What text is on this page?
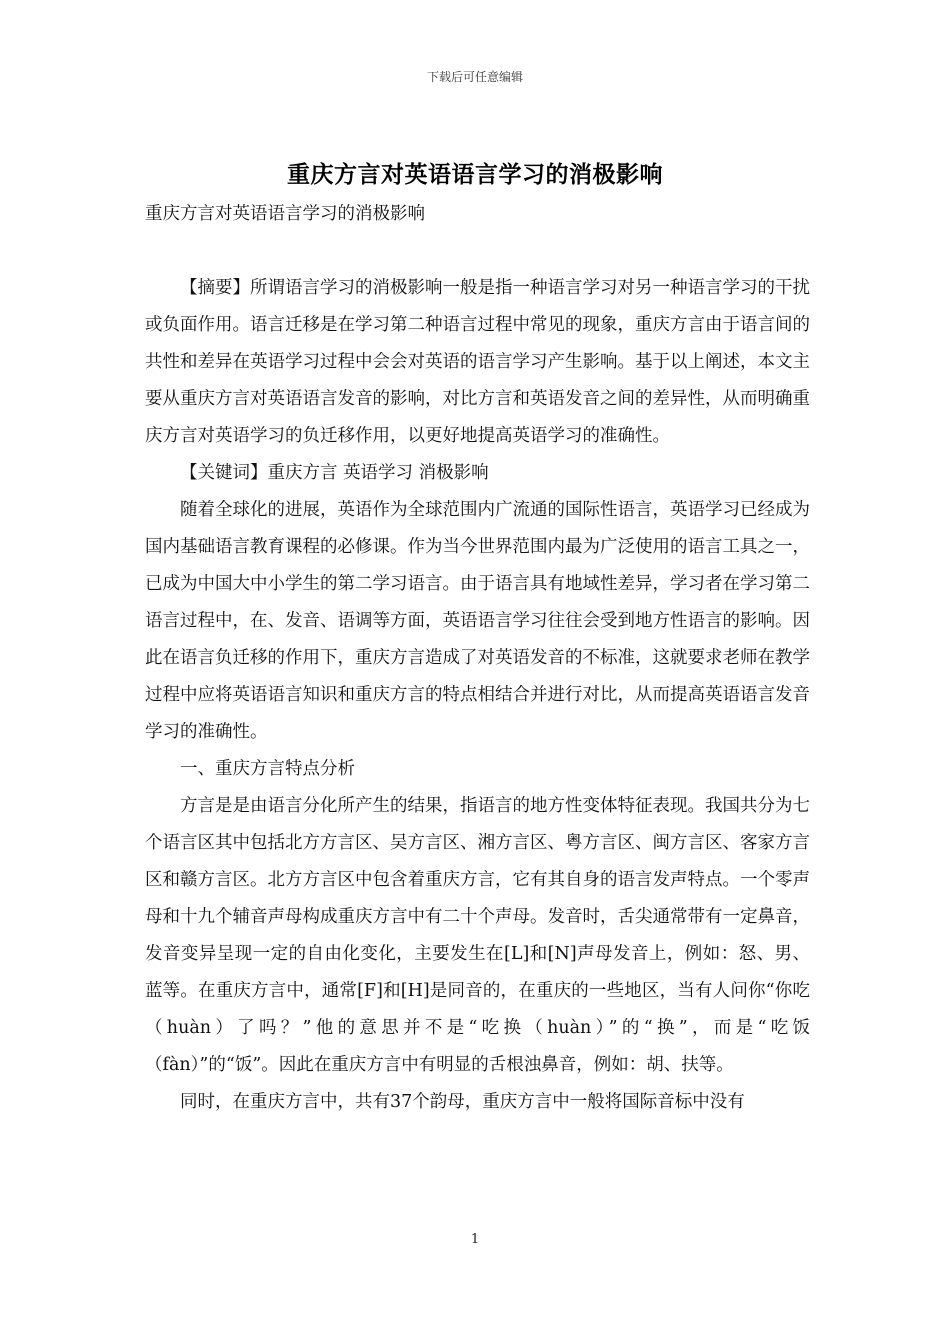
下载后可任意编辑
重庆方言对英语语言学习的消极影响

重庆方言对英语语言学习的消极影响

【摘要】所谓语言学习的消极影响一般是指一种语言学习对另一种语言学习的干扰或负面作用。语言迁移是在学习第二种语言过程中常见的现象，重庆方言由于语言间的共性和差异在英语学习过程中会会对英语的语言学习产生影响。基于以上阐述，本文主要从重庆方言对英语语言发音的影响，对比方言和英语发音之间的差异性，从而明确重庆方言对英语学习的负迁移作用，以更好地提高英语学习的准确性。

【关键词】重庆方言 英语学习 消极影响

随着全球化的进展，英语作为全球范围内广流通的国际性语言，英语学习已经成为国内基础语言教育课程的必修课。作为当今世界范围内最为广泛使用的语言工具之一，已成为中国大中小学生的第二学习语言。由于语言具有地域性差异，学习者在学习第二语言过程中，在、发音、语调等方面，英语语言学习往往会受到地方性语言的影响。因此在语言负迁移的作用下，重庆方言造成了对英语发音的不标准，这就要求老师在教学过程中应将英语语言知识和重庆方言的特点相结合并进行对比，从而提高英语语言发音学习的准确性。

一、重庆方言特点分析

方言是是由语言分化所产生的结果，指语言的地方性变体特征表现。我国共分为七个语言区其中包括北方方言区、吴方言区、湘方言区、粤方言区、闽方言区、客家方言区和赣方言区。北方方言区中包含着重庆方言，它有其自身的语言发声特点。一个零声母和十九个辅音声母构成重庆方言中有二十个声母。发音时，舌尖通常带有一定鼻音，发音变异呈现一定的自由化变化，主要发生在[L]和[N]声母发音上，例如：怒、男、蓝等。在重庆方言中，通常[F]和[H]是同音的，在重庆的一些地区，当有人问你“你吃（huàn）了吗？”他的意思并不是“吃换（huàn）”的“换”，而是“吃饭（fàn）”的“饭”。因此在重庆方言中有明显的舌根浊鼻音，例如：胡、扶等。

同时，在重庆方言中，共有37个韵母，重庆方言中一般将国际音标中没有

1
